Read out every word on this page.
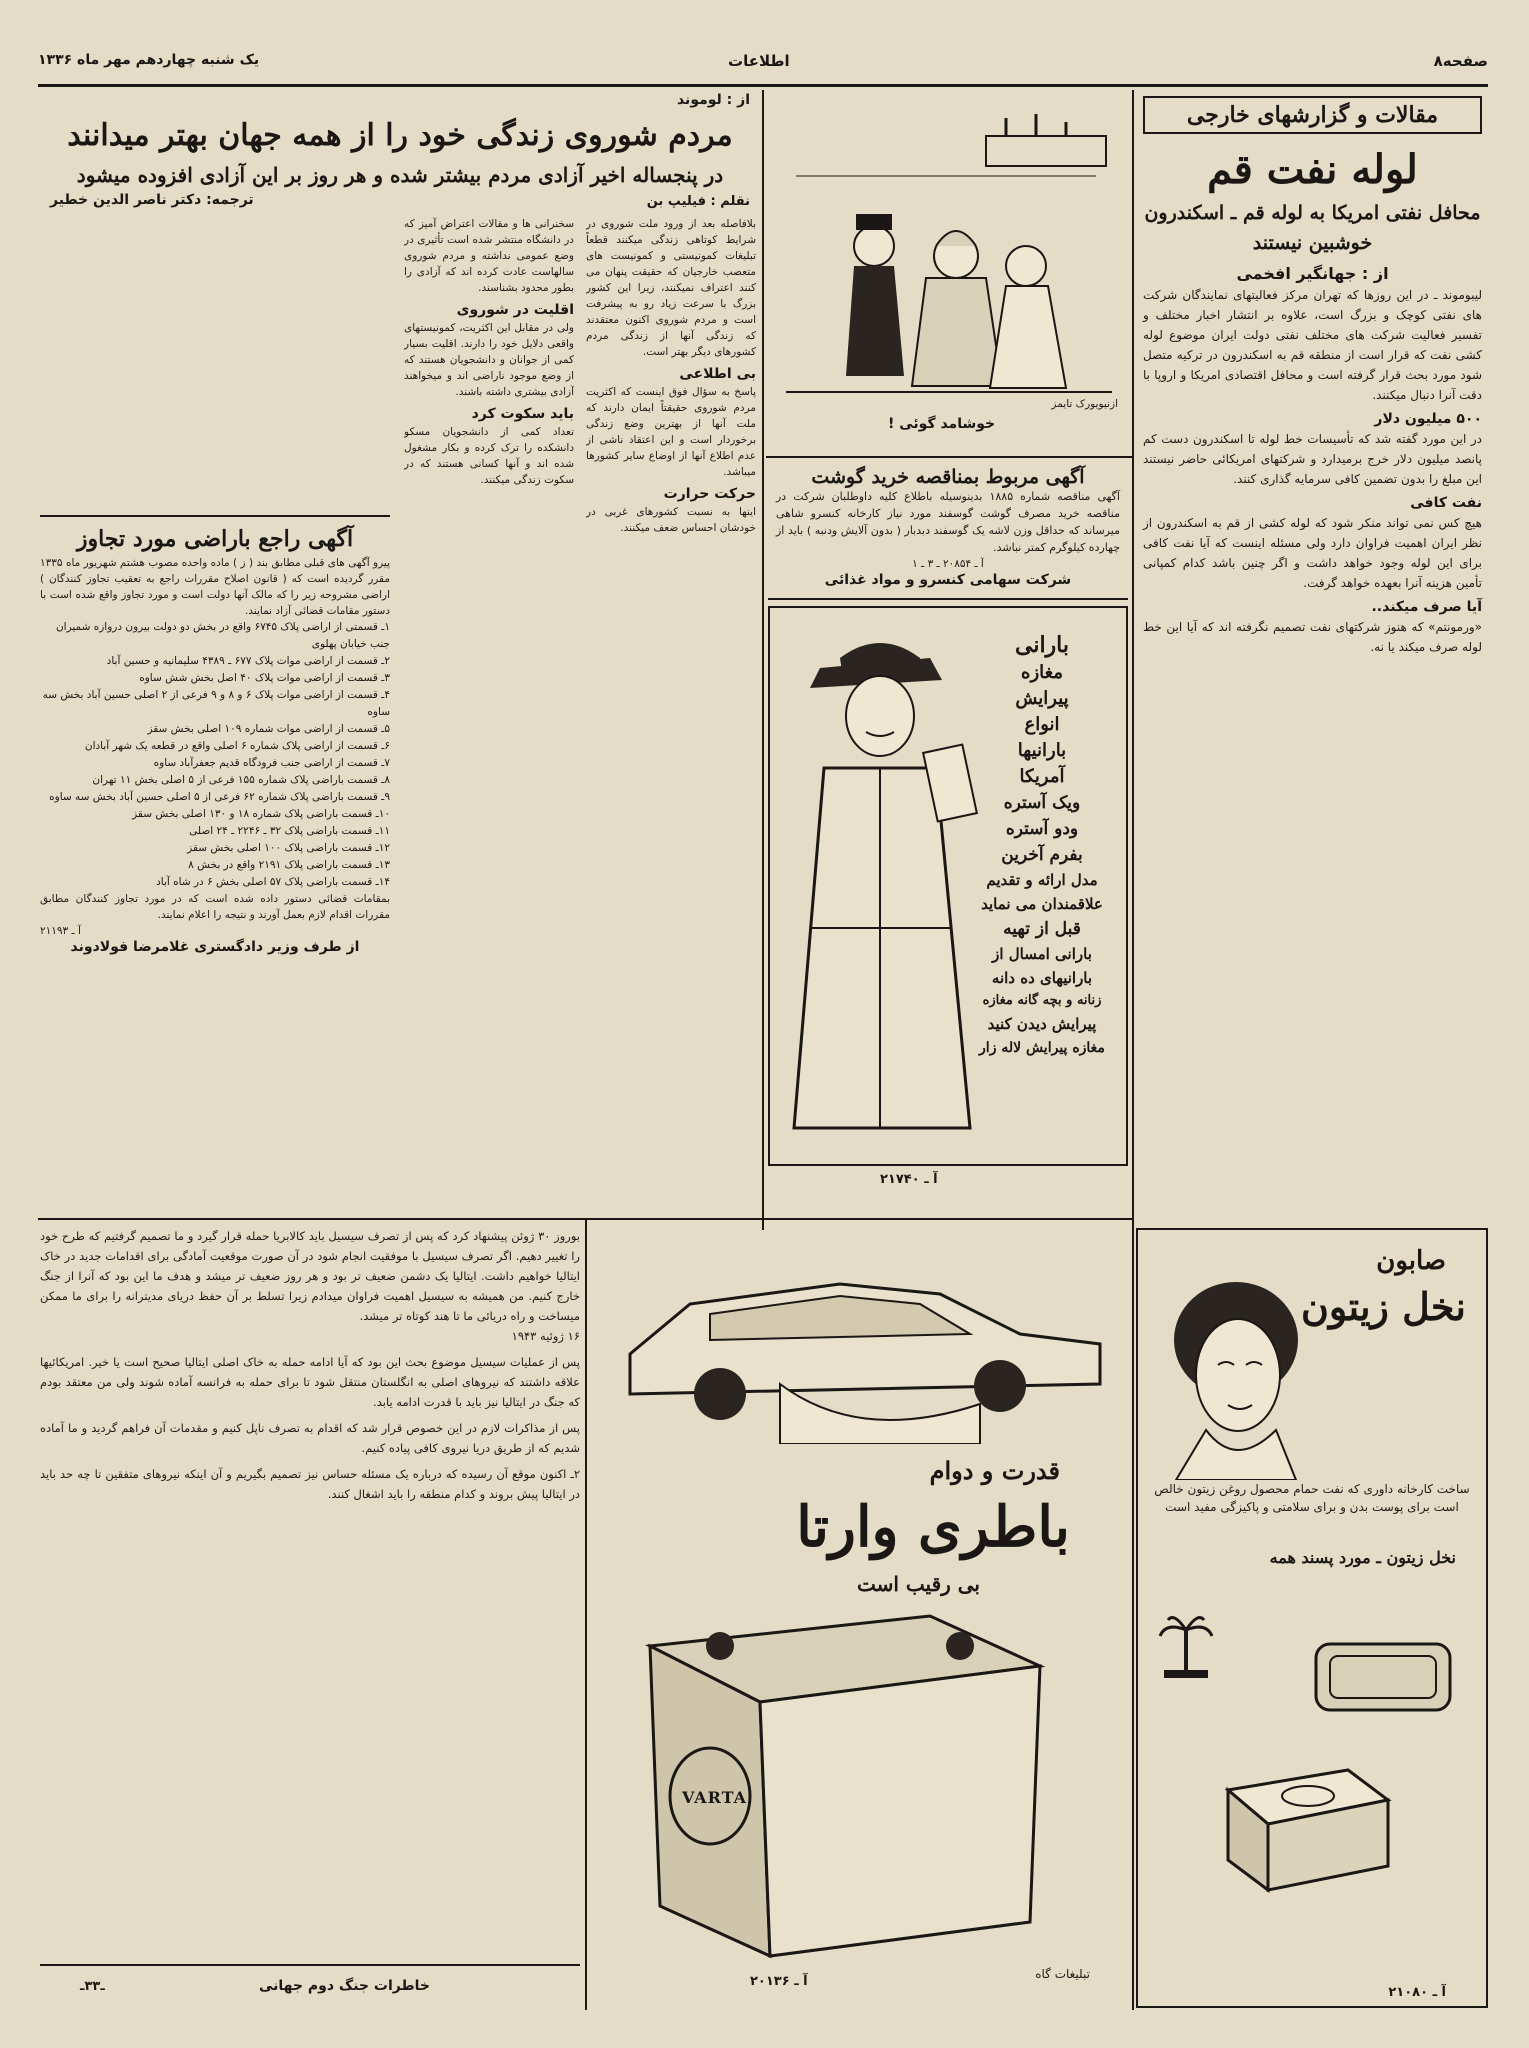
صفحه۸
اطلاعات
یک شنبه چهاردهم مهر ماه ۱۳۳۶
مقالات و گزارشهای خارجی
لوله نفت قم
محافل نفتی امریکا به لوله قم ـ اسکندرون خوشبین نیستند
از : جهانگیر افخمی
لیبوموند ـ در این روزها که تهران مرکز فعالیتهای نمایندگان شرکت های نفتی کوچک و بزرگ است، علاوه بر انتشار اخبار مختلف و تفسیر فعالیت شرکت های مختلف نفتی دولت ایران موضوع لوله کشی نفت که قرار است از منطقه قم به اسکندرون در ترکیه متصل شود مورد بحث قرار گرفته است و محافل اقتصادی امریکا و اروپا با دقت آنرا دنبال میکنند.
۵۰۰ میلیون دلار
در این مورد گفته شد که تأسیسات خط لوله تا اسکندرون دست کم پانصد میلیون دلار خرج برمیدارد و شرکتهای امریکائی حاضر نیستند این مبلغ را بدون تضمین کافی سرمایه گذاری کنند.
نفت کافی
هیچ کس نمی تواند منکر شود که لوله کشی از قم به اسکندرون از نظر ایران اهمیت فراوان دارد ولی مسئله اینست که آیا نفت کافی برای این لوله وجود خواهد داشت و اگر چنین باشد کدام کمپانی تأمین هزینه آنرا بعهده خواهد گرفت.
آیا صرف میکند..
«ورمونتم» که هنوز شرکتهای نفت تصمیم نگرفته اند که آیا این خط لوله صرف میکند یا نه.
صابون
نخل زیتون
ساخت کارخانه داوری که نفت حمام محصول روغن زیتون خالص است برای پوست بدن و برای سلامتی و پاکیزگی مفید است
نخل زیتون ـ مورد پسند همه
آ ـ ۲۱۰۸۰
خوشامد گوئی !
ازنیویورک تایمز
آگهی مربوط بمناقصه خرید گوشت
آگهی مناقصه شماره ۱۸۸۵ بدینوسیله باطلاع کلیه داوطلبان شرکت در مناقصه خرید مصرف گوشت گوسفند مورد نیاز کارخانه کنسرو شاهی میرساند که حداقل وزن لاشه یک گوسفند دبدبار ( بدون آلایش ودنبه ) باید از چهارده کیلوگرم کمتر نباشد.
آ ـ ۲۰۸۵۴ ـ ۳ ـ ۱
شرکت سهامی کنسرو و مواد غذائی
بارانی
مغازه
پیرایش
انواع
بارانیها
آمریکا
ویک آستره
ودو آستره
بفرم آخرین
مدل ارائه و تقدیم
علاقمندان می نماید
قبل از تهیه
بارانی امسال از
بارانیهای ده دانه
زنانه و بچه گانه مغازه
پیرایش دیدن کنید
مغازه پیرایش لاله زار
آ ـ ۲۱۷۴۰
از : لوموند
مردم شوروی زندگی خود را از همه جهان بهتر میدانند
در پنجساله اخیر آزادی مردم بیشتر شده و هر روز بر این آزادی افزوده میشود
ترجمه: دکتر ناصر الدین خطیر	نقلم : فیلیپ بن
بلافاصله بعد از ورود ملت شوروی در شرایط کوتاهی زندگی میکنند قطعاً تبلیغات کمونیستی و کمونیست های متعصب خارجیان که حقیقت پنهان می کنند اعتراف نمیکنند، زیرا این کشور بزرگ با سرعت زیاد رو به پیشرفت است و مردم شوروی اکنون معتقدند که زندگی آنها از زندگی مردم کشورهای دیگر بهتر است.
بی اطلاعی
پاسخ به سؤال فوق اینست که اکثریت مردم شوروی حقیقتاً ایمان دارند که ملت آنها از بهترین وضع زندگی برخوردار است و این اعتقاد ناشی از عدم اطلاع آنها از اوضاع سایر کشورها میباشد.
حرکت حرارت
اینها به نسبت کشورهای غربی در خودشان احساس ضعف میکنند.
سخنرانی ها و مقالات اعتراض آمیز که در دانشگاه منتشر شده است تأثیری در وضع عمومی نداشته و مردم شوروی سالهاست عادت کرده اند که آزادی را بطور محدود بشناسند.
اقلیت در شوروی
ولی در مقابل این اکثریت، کمونیستهای واقعی دلایل خود را دارند. اقلیت بسیار کمی از جوانان و دانشجویان هستند که از وضع موجود ناراضی اند و میخواهند آزادی بیشتری داشته باشند.
باید سکوت کرد
تعداد کمی از دانشجویان مسکو دانشکده را ترک کرده و بکار مشغول شده اند و آنها کسانی هستند که در سکوت زندگی میکنند.
آگهی راجع باراضی مورد تجاوز
پیرو آگهی های قبلی مطابق بند ( ز ) ماده واحده مصوب هشتم شهریور ماه ۱۳۳۵ مقرر گردیده است که ( قانون اصلاح مقررات راجع به تعقیب تجاوز کنندگان ) اراضی مشروحه زیر را که مالک آنها دولت است و مورد تجاوز واقع شده است با دستور مقامات قضائی آزاد نمایند.
۱ـ قسمتی از اراضی پلاک ۶۷۴۵ واقع در بخش دو دولت بیرون دروازه شمیران جنب خیابان پهلوی
۲ـ قسمت از اراضی موات پلاک ۶۷۷ ـ ۴۳۸۹ سلیمانیه و حسین آباد
۳ـ قسمت از اراضی موات پلاک ۴۰ اصل بخش شش ساوه
۴ـ قسمت از اراضی موات پلاک ۶ و ۸ و ۹ فرعی از ۲ اصلی حسین آباد بخش سه ساوه
۵ـ قسمت از اراضی موات شماره ۱۰۹ اصلی بخش سقز
۶ـ قسمت از اراضی پلاک شماره ۶ اصلی واقع در قطعه یک شهر آبادان
۷ـ قسمت از اراضی جنب فرودگاه قدیم جعفرآباد ساوه
۸ـ قسمت باراضی پلاک شماره ۱۵۵ فرعی از ۵ اصلی بخش ۱۱ تهران
۹ـ قسمت باراضی پلاک شماره ۶۲ فرعی از ۵ اصلی حسین آباد بخش سه ساوه
۱۰ـ قسمت باراضی پلاک شماره ۱۸ و ۱۳۰ اصلی بخش سقز
۱۱ـ قسمت باراضی پلاک ۳۲ ـ ۲۲۴۶ ـ ۲۴ اصلی
۱۲ـ قسمت باراضی پلاک ۱۰۰ اصلی بخش سقز
۱۳ـ قسمت باراضی پلاک ۲۱۹۱ واقع در بخش ۸
۱۴ـ قسمت باراضی پلاک ۵۷ اصلی بخش ۶ در شاه آباد
بمقامات قضائی دستور داده شده است که در مورد تجاوز کنندگان مطابق مقررات اقدام لازم بعمل آورند و نتیجه را اعلام نمایند.
آ ـ ۲۱۱۹۳
از طرف وزیر دادگستری غلامرضا فولادوند
بوروز ۳۰ ژوئن پیشنهاد کرد که پس از تصرف سیسیل باید کالابریا حمله قرار گیرد و ما تصمیم گرفتیم که طرح خود را تغییر دهیم. اگر تصرف سیسیل با موفقیت انجام شود در آن صورت موقعیت آمادگی برای اقدامات جدید در خاک ایتالیا خواهیم داشت. ایتالیا یک دشمن ضعیف تر بود و هر روز ضعیف تر میشد و هدف ما این بود که آنرا از جنگ خارج کنیم. من همیشه به سیسیل اهمیت فراوان میدادم زیرا تسلط بر آن حفظ دریای مدیترانه را برای ما ممکن میساخت و راه دریائی ما تا هند کوتاه تر میشد.
۱۶ ژوئیه ۱۹۴۳
پس از عملیات سیسیل موضوع بحث این بود که آیا ادامه حمله به خاک اصلی ایتالیا صحیح است یا خیر. امریکائیها علاقه داشتند که نیروهای اصلی به انگلستان منتقل شود تا برای حمله به فرانسه آماده شوند ولی من معتقد بودم که جنگ در ایتالیا نیز باید با قدرت ادامه یابد.
پس از مذاکرات لازم در این خصوص قرار شد که اقدام به تصرف ناپل کنیم و مقدمات آن فراهم گردید و ما آماده شدیم که از طریق دریا نیروی کافی پیاده کنیم.
۲ـ اکنون موقع آن رسیده که درباره یک مسئله حساس نیز تصمیم بگیریم و آن اینکه نیروهای متفقین تا چه حد باید در ایتالیا پیش بروند و کدام منطقه را باید اشغال کنند.
خاطرات جنگ دوم جهانی
ـ۳۳ـ
قدرت و دوام
باطری وارتا
بی رقیب است
VARTA
تبلیغات گاه
آ ـ ۲۰۱۳۶
